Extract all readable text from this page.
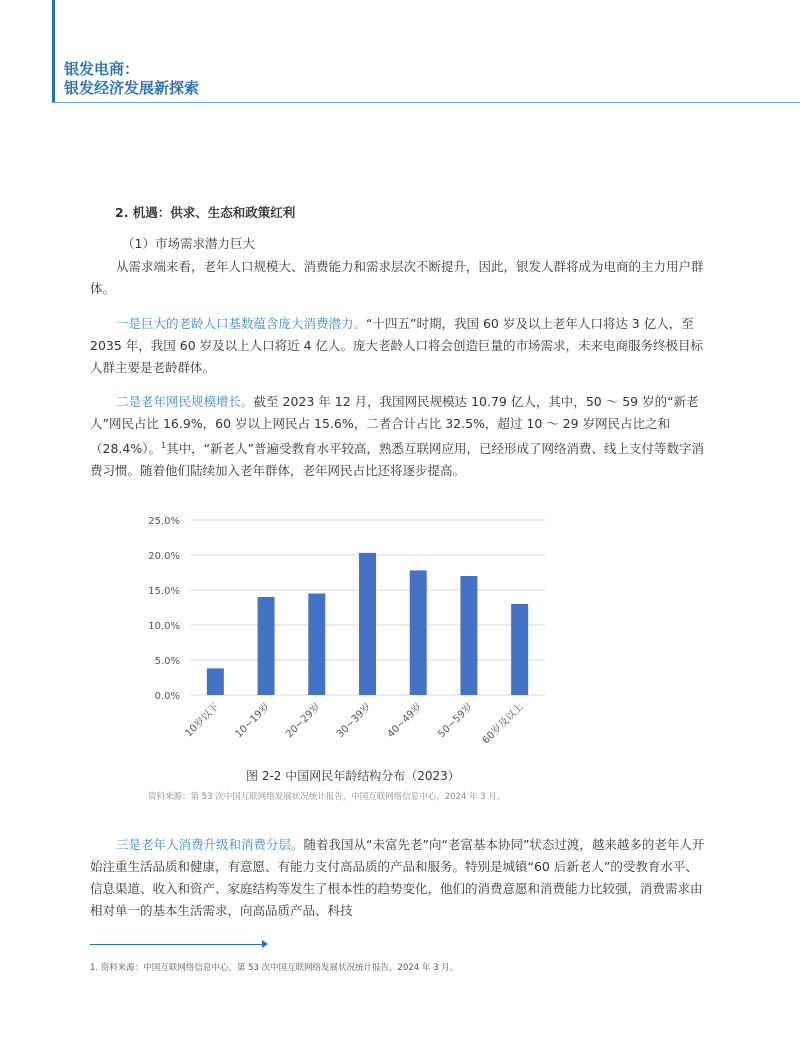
银发电商：
银发经济发展新探索
2. 机遇：供求、生态和政策红利
（1）市场需求潜力巨大
从需求端来看，老年人口规模大、消费能力和需求层次不断提升，因此，银发人群将成为电商的主力用户群体。
一是巨大的老龄人口基数蕴含庞大消费潜力。“十四五”时期，我国 60 岁及以上老年人口将达 3 亿人，至 2035 年，我国 60 岁及以上人口将近 4 亿人。庞大老龄人口将会创造巨量的市场需求，未来电商服务终极目标人群主要是老龄群体。
二是老年网民规模增长。截至 2023 年 12 月，我国网民规模达 10.79 亿人，其中，50 ～ 59 岁的“新老人”网民占比 16.9%，60 岁以上网民占 15.6%，二者合计占比 32.5%，超过 10 ～ 29 岁网民占比之和（28.4%）。$^1$其中，“新老人”普遍受教育水平较高，熟悉互联网应用，已经形成了网络消费、线上支付等数字消费习惯。随着他们陆续加入老年群体，老年网民占比还将逐步提高。
0.0%
5.0%
10.0%
15.0%
20.0%
25.0%
10岁以下 10~19岁 20~29岁 30~39岁 40~49岁 50~59岁 60岁及以上
图 2-2 中国网民年龄结构分布（2023）
资料来源：第 53 次中国互联网络发展状况统计报告，中国互联网络信息中心，2024 年 3 月。
三是老年人消费升级和消费分层。随着我国从“未富先老”向“老富基本协同”状态过渡，越来越多的老年人开始注重生活品质和健康，有意愿、有能力支付高品质的产品和服务。特别是城镇“60 后新老人”的受教育水平、信息渠道、收入和资产、家庭结构等发生了根本性的趋势变化，他们的消费意愿和消费能力比较强，消费需求由相对单一的基本生活需求，向高品质产品、科技
1. 资料来源：中国互联网络信息中心，第 53 次中国互联网络发展状况统计报告，2024 年 3 月。
